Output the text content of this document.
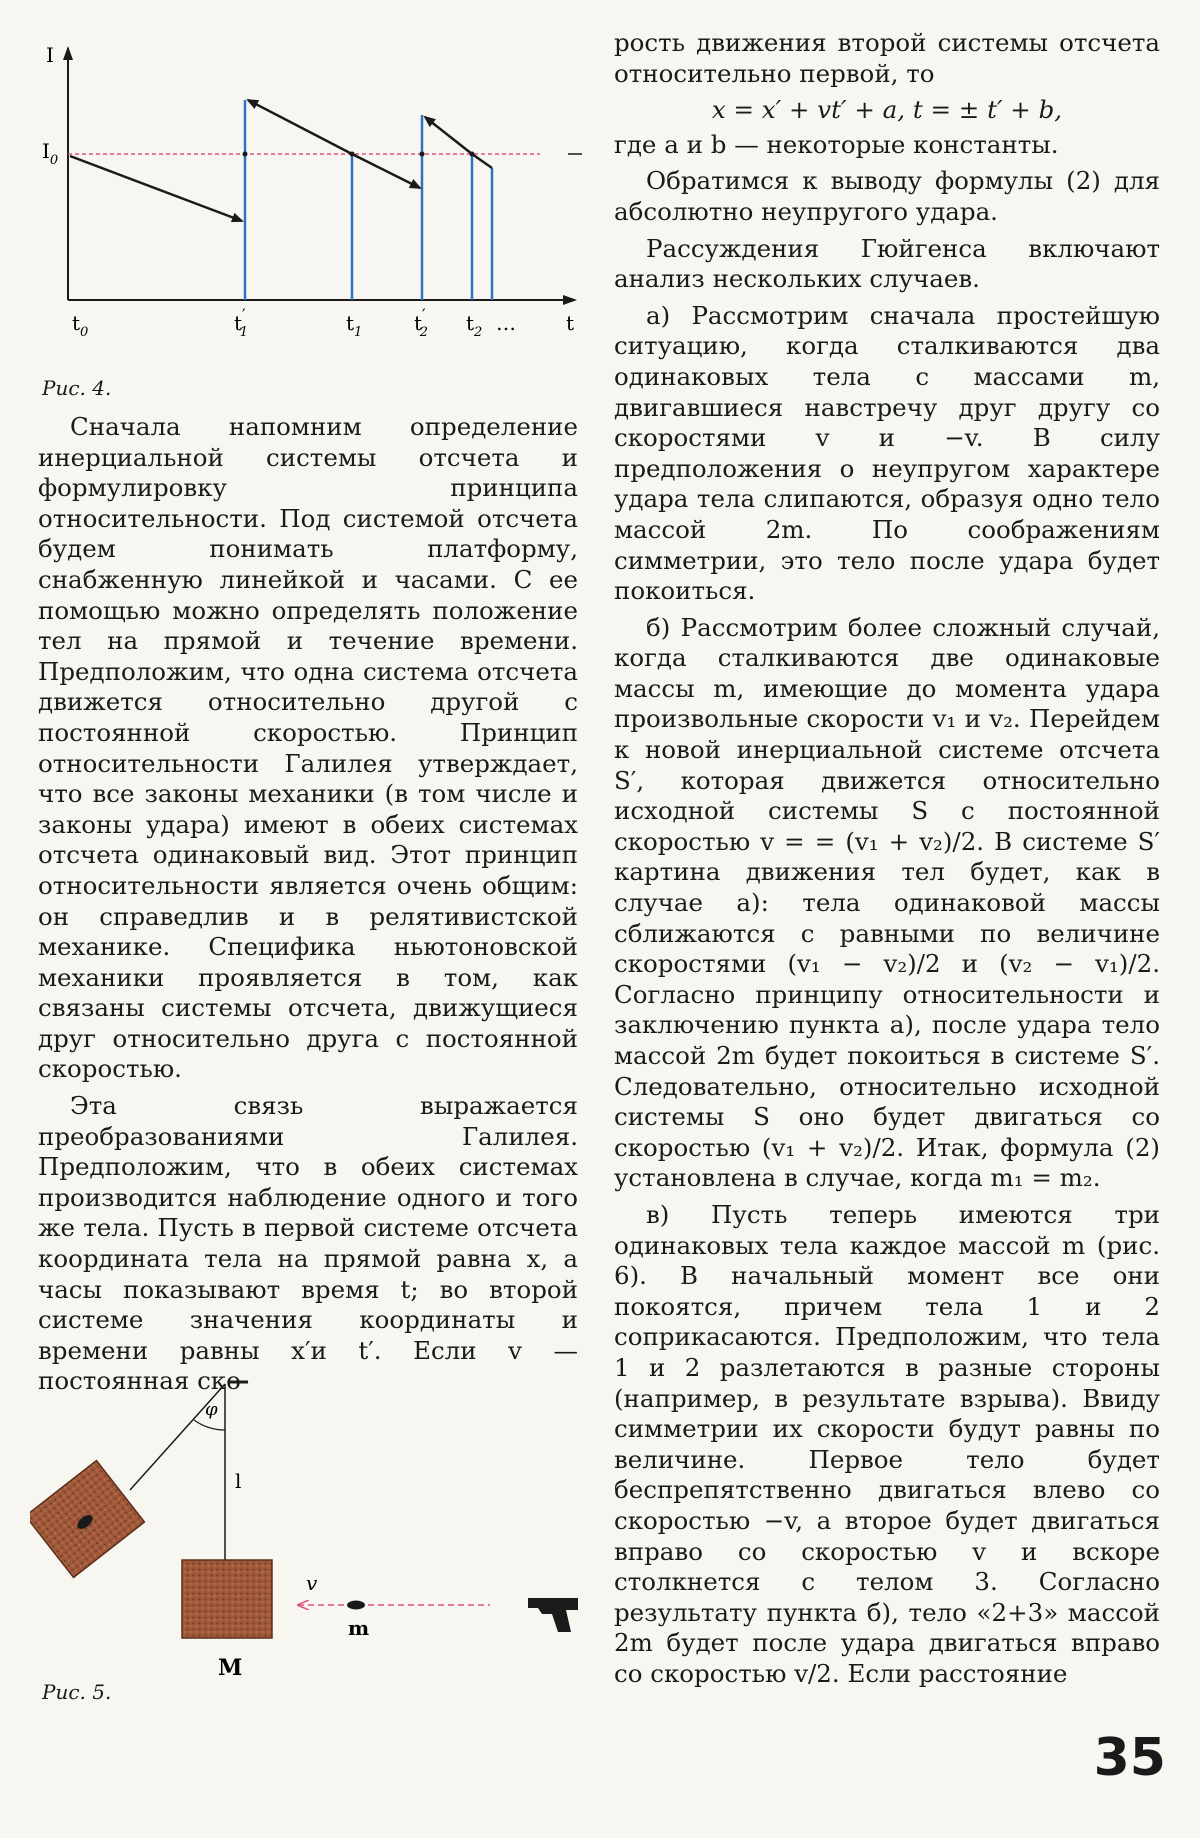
I
$I_0$
$t_0$	t′ 1	$t_1$	t′ 2 $t_2$ …	t
Рис. 4.

Сначала напомним определение инерциальной системы отсчета и формулировку принципа относительности. Под системой отсчета будем понимать платформу, снабженную линейкой и часами. С ее помощью можно определять положение тел на прямой и течение времени. Предположим, что одна система отсчета движется относительно другой с постоянной скоростью. Принцип относительности Галилея утверждает, что все законы механики (в том числе и законы удара) имеют в обеих системах отсчета одинаковый вид. Этот принцип относительности является очень общим: он справедлив и в релятивистской механике. Специфика ньютоновской механики проявляется в том, как связаны системы отсчета, движущиеся друг относительно друга с постоянной скоростью.

Эта связь выражается преобразованиями Галилея. Предположим, что в обеих системах производится наблюдение одного и того же тела. Пусть в первой системе отсчета координата тела на прямой равна x, а часы показывают время t; во второй системе значения координаты и времени равны x′и t′. Если v — постоянная ско-

φ
l
M
v
m
Рис. 5.

рость движения второй системы отсчета относительно первой, то

x = x′ + vt′ + a, t = ± t′ + b,

где a и b — некоторые константы.

Обратимся к выводу формулы (2) для абсолютно неупругого удара.

Рассуждения Гюйгенса включают анализ нескольких случаев.

а) Рассмотрим сначала простейшую ситуацию, когда сталкиваются два одинаковых тела с массами m, двигавшиеся навстречу друг другу со скоростями v и −v. В силу предположения о неупругом характере удара тела слипаются, образуя одно тело массой 2m. По соображениям симметрии, это тело после удара будет покоиться.

б) Рассмотрим более сложный случай, когда сталкиваются две одинаковые массы m, имеющие до момента удара произвольные скорости v₁ и v₂. Перейдем к новой инерциальной системе отсчета S′, которая движется относительно исходной системы S с постоянной скоростью v = = (v₁ + v₂)/2. В системе S′ картина движения тел будет, как в случае а): тела одинаковой массы сближаются с равными по величине скоростями (v₁ − v₂)/2 и (v₂ − v₁)/2. Согласно принципу относительности и заключению пункта а), после удара тело массой 2m будет покоиться в системе S′. Следовательно, относительно исходной системы S оно будет двигаться со скоростью (v₁ + v₂)/2. Итак, формула (2) установлена в случае, когда m₁ = m₂.

в) Пусть теперь имеются три одинаковых тела каждое массой m (рис. 6). В начальный момент все они покоятся, причем тела 1 и 2 соприкасаются. Предположим, что тела 1 и 2 разлетаются в разные стороны (например, в результате взрыва). Ввиду симметрии их скорости будут равны по величине. Первое тело будет беспрепятственно двигаться влево со скоростью −v, а второе будет двигаться вправо со скоростью v и вскоре столкнется с телом 3. Согласно результату пункта б), тело «2+3» массой 2m будет после удара двигаться вправо со скоростью v/2. Если расстояние

35
